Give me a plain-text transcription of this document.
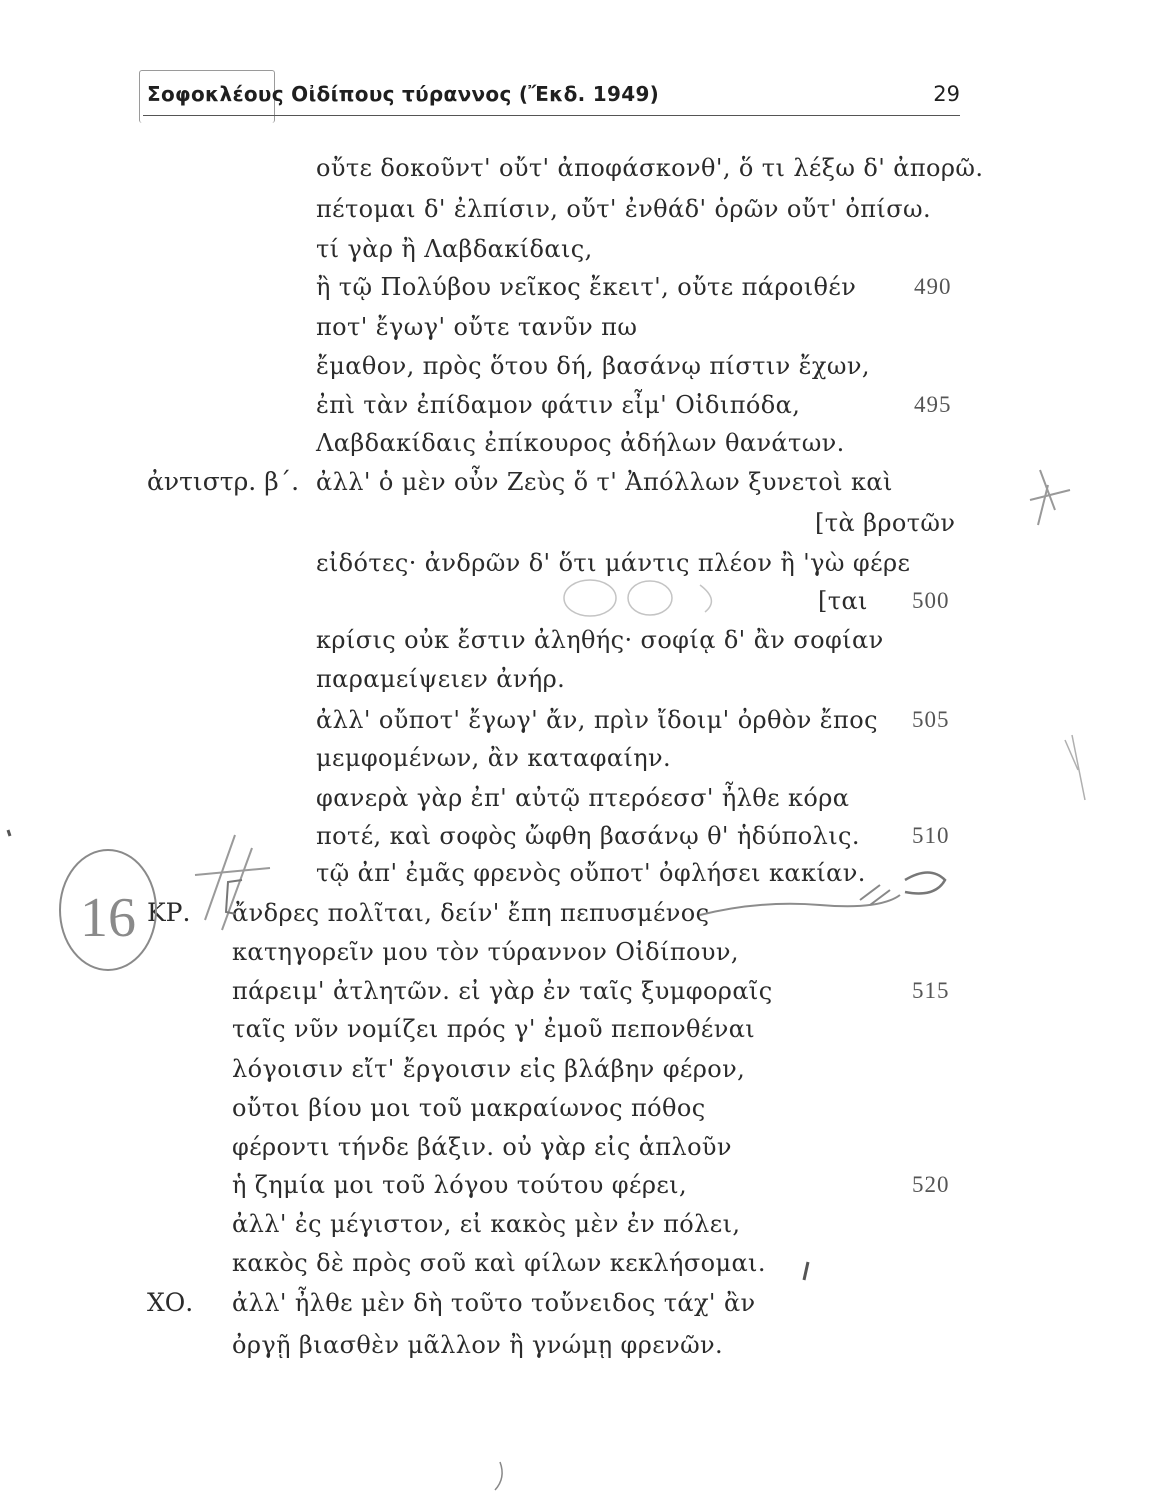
Σοφοκλέους Οἰδίπους τύραννος (Ἔκδ. 1949)	29
οὔτε δοκοῦντ' οὔτ' ἀποφάσκονθ', ὅ τι λέξω δ' ἀπορῶ.
πέτομαι δ' ἐλπίσιν, οὔτ' ἐνθάδ' ὁρῶν οὔτ' ὀπίσω.
τί γὰρ ἢ Λαβδακίδαις,
ἢ τῷ Πολύβου νεῖκος ἔκειτ', οὔτε πάροιθέν	490
ποτ' ἔγωγ' οὔτε τανῦν πω
ἔμαθον, πρὸς ὅτου δή, βασάνῳ πίστιν ἔχων,
ἐπὶ τὰν ἐπίδαμον φάτιν εἶμ' Οἰδιπόδα,	495
Λαβδακίδαις ἐπίκουρος ἀδήλων θανάτων.
ἀντιστρ. β΄. ἀλλ' ὁ μὲν οὖν Ζεὺς ὅ τ' Ἀπόλλων ξυνετοὶ καὶ
[τὰ βροτῶν
εἰδότες· ἀνδρῶν δ' ὅτι μάντις πλέον ἢ 'γὼ φέρε
[ται 500
κρίσις οὐκ ἔστιν ἀληθής· σοφίᾳ δ' ἂν σοφίαν
παραμείψειεν ἀνήρ.
ἀλλ' οὔποτ' ἔγωγ' ἄν, πρὶν ἴδοιμ' ὀρθὸν ἔπος 505
μεμφομένων, ἂν καταφαίην.
φανερὰ γὰρ ἐπ' αὐτῷ πτερόεσσ' ἦλθε κόρα
ποτέ, καὶ σοφὸς ὤφθη βασάνῳ θ' ἡδύπολις. 510
τῷ ἀπ' ἐμᾶς φρενὸς οὔποτ' ὀφλήσει κακίαν.
ΚΡ. ἄνδρες πολῖται, δείν' ἔπη πεπυσμένος
κατηγορεῖν μου τὸν τύραννον Οἰδίπουν,
πάρειμ' ἀτλητῶν. εἰ γὰρ ἐν ταῖς ξυμφοραῖς	515
ταῖς νῦν νομίζει πρός γ' ἐμοῦ πεπονθέναι
λόγοισιν εἴτ' ἔργοισιν εἰς βλάβην φέρον,
οὔτοι βίου μοι τοῦ μακραίωνος πόθος
φέροντι τήνδε βάξιν. οὐ γὰρ εἰς ἁπλοῦν
ἡ ζημία μοι τοῦ λόγου τούτου φέρει,	520
ἀλλ' ἐς μέγιστον, εἰ κακὸς μὲν ἐν πόλει,
κακὸς δὲ πρὸς σοῦ καὶ φίλων κεκλήσομαι.
ΧΟ. ἀλλ' ἦλθε μὲν δὴ τοῦτο τοὔνειδος τάχ' ἂν
ὀργῇ βιασθὲν μᾶλλον ἢ γνώμῃ φρενῶν.
16
